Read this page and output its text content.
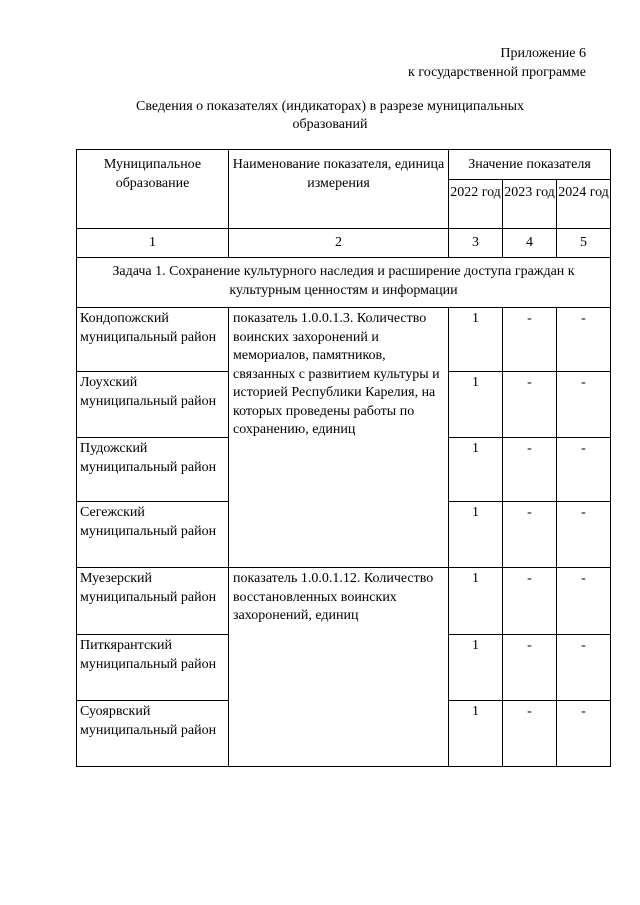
Приложение 6
к государственной программе
Сведения о показателях (индикаторах) в разрезе муниципальных
образований
Муниципальное образование	Наименование показателя, единица измерения	Значение показателя		
		2022 год	2023 год	2024 год
1	2	3	4	5
Задача 1. Сохранение культурного наследия и расширение доступа граждан к культурным ценностям и информации				
Кондопожский муниципальный район	показатель 1.0.0.1.3. Количество воинских захоронений и мемориалов, памятников, связанных с развитием культуры и историей Республики Карелия, на которых проведены работы по сохранению, единиц	1	-	-
Лоухский муниципальный район		1	-	-
Пудожский муниципальный район		1	-	-
Сегежский муниципальный район		1	-	-
Муезерский муниципальный район	показатель 1.0.0.1.12. Количество восстановленных воинских захоронений, единиц	1	-	-
Питкярантский муниципальный район		1	-	-
Суоярвский муниципальный район		1	-	-
